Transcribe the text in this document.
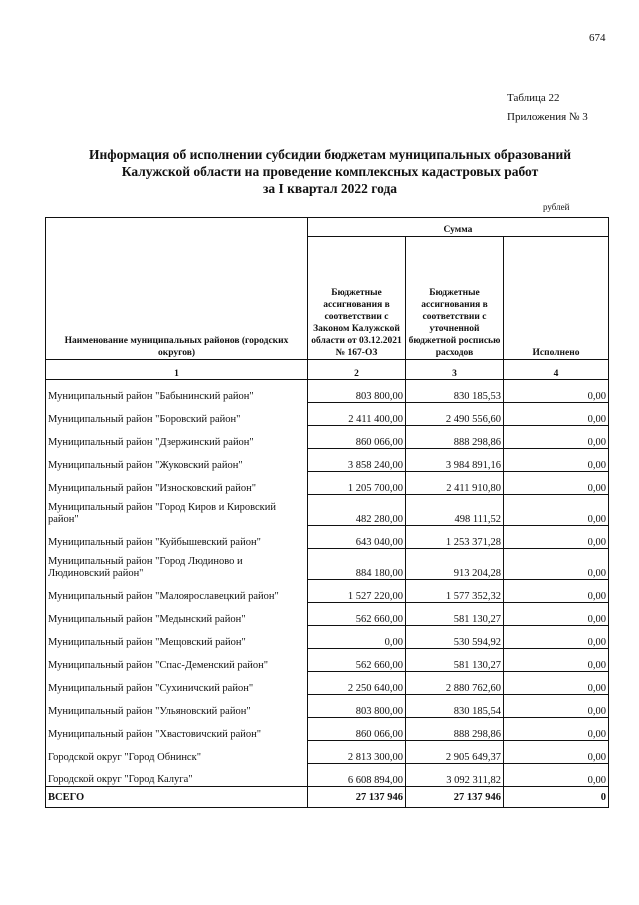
674
Таблица 22
Приложения № 3
Информация об исполнении субсидии бюджетам муниципальных образований
Калужской области на проведение комплексных кадастровых работ
за I квартал 2022 года
рублей
Наименование муниципальных районов (городских округов)	Сумма		
	Бюджетные ассигнования в соответствии с Законом Калужской области от 03.12.2021 № 167-ОЗ	Бюджетные ассигнования в соответствии с уточненной бюджетной росписью расходов	Исполнено
1	2	3	4
Муниципальный район "Бабынинский район"	803 800,00	830 185,53	0,00
Муниципальный район "Боровский район"	2 411 400,00	2 490 556,60	0,00
Муниципальный район "Дзержинский район"	860 066,00	888 298,86	0,00
Муниципальный район "Жуковский район"	3 858 240,00	3 984 891,16	0,00
Муниципальный район "Износковский район"	1 205 700,00	2 411 910,80	0,00
Муниципальный район "Город Киров и Кировский район"	482 280,00	498 111,52	0,00
Муниципальный район "Куйбышевский район"	643 040,00	1 253 371,28	0,00
Муниципальный район "Город Людиново и Людиновский район"	884 180,00	913 204,28	0,00
Муниципальный район "Малоярославецкий район"	1 527 220,00	1 577 352,32	0,00
Муниципальный район "Медынский район"	562 660,00	581 130,27	0,00
Муниципальный район "Мещовский район"	0,00	530 594,92	0,00
Муниципальный район "Спас-Деменский район"	562 660,00	581 130,27	0,00
Муниципальный район "Сухиничский район"	2 250 640,00	2 880 762,60	0,00
Муниципальный район "Ульяновский район"	803 800,00	830 185,54	0,00
Муниципальный район "Хвастовичский район"	860 066,00	888 298,86	0,00
Городской округ "Город Обнинск"	2 813 300,00	2 905 649,37	0,00
Городской округ "Город Калуга"	6 608 894,00	3 092 311,82	0,00
ВСЕГО	27 137 946	27 137 946	0
